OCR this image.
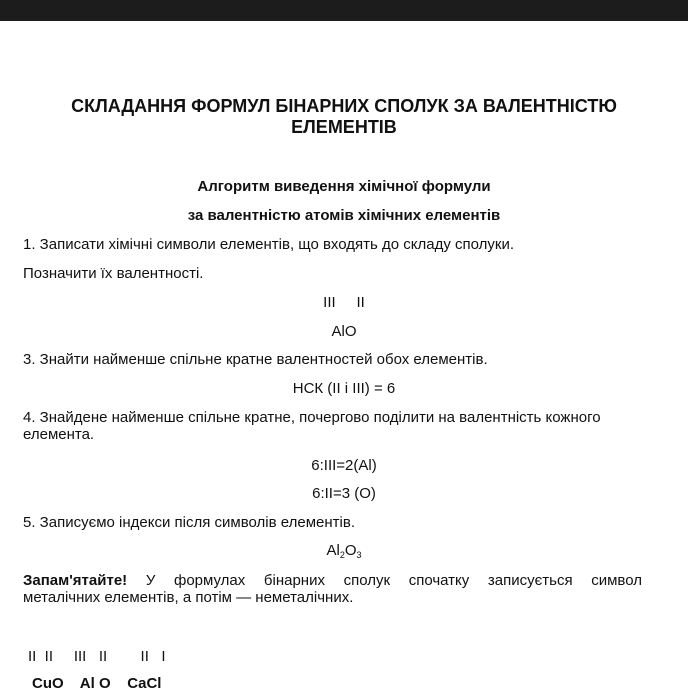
СКЛАДАННЯ ФОРМУЛ БІНАРНИХ СПОЛУК ЗА ВАЛЕНТНІСТЮ
ЕЛЕМЕНТІВ
Алгоритм виведення хімічної формули
за валентністю атомів хімічних елементів
1. Записати хімічні символи елементів, що входять до складу сполуки.
Позначити їх валентності.
III     II
AlO
3. Знайти найменше спільне кратне валентностей обох елементів.
НСК (II і III) = 6
4. Знайдене найменше спільне кратне, почергово поділити на валентність кожного
елемента.
6:III=2(Al)
6:II=3 (O)
5. Записуємо індекси після символів елементів.
$Al_2O_3$
Запам'ятайте! У формулах бінарних сполук спочатку записується символ
металічних елементів, а потім — неметалічних.
II  II     III   II        II   I
CuO    Al O    CaCl
